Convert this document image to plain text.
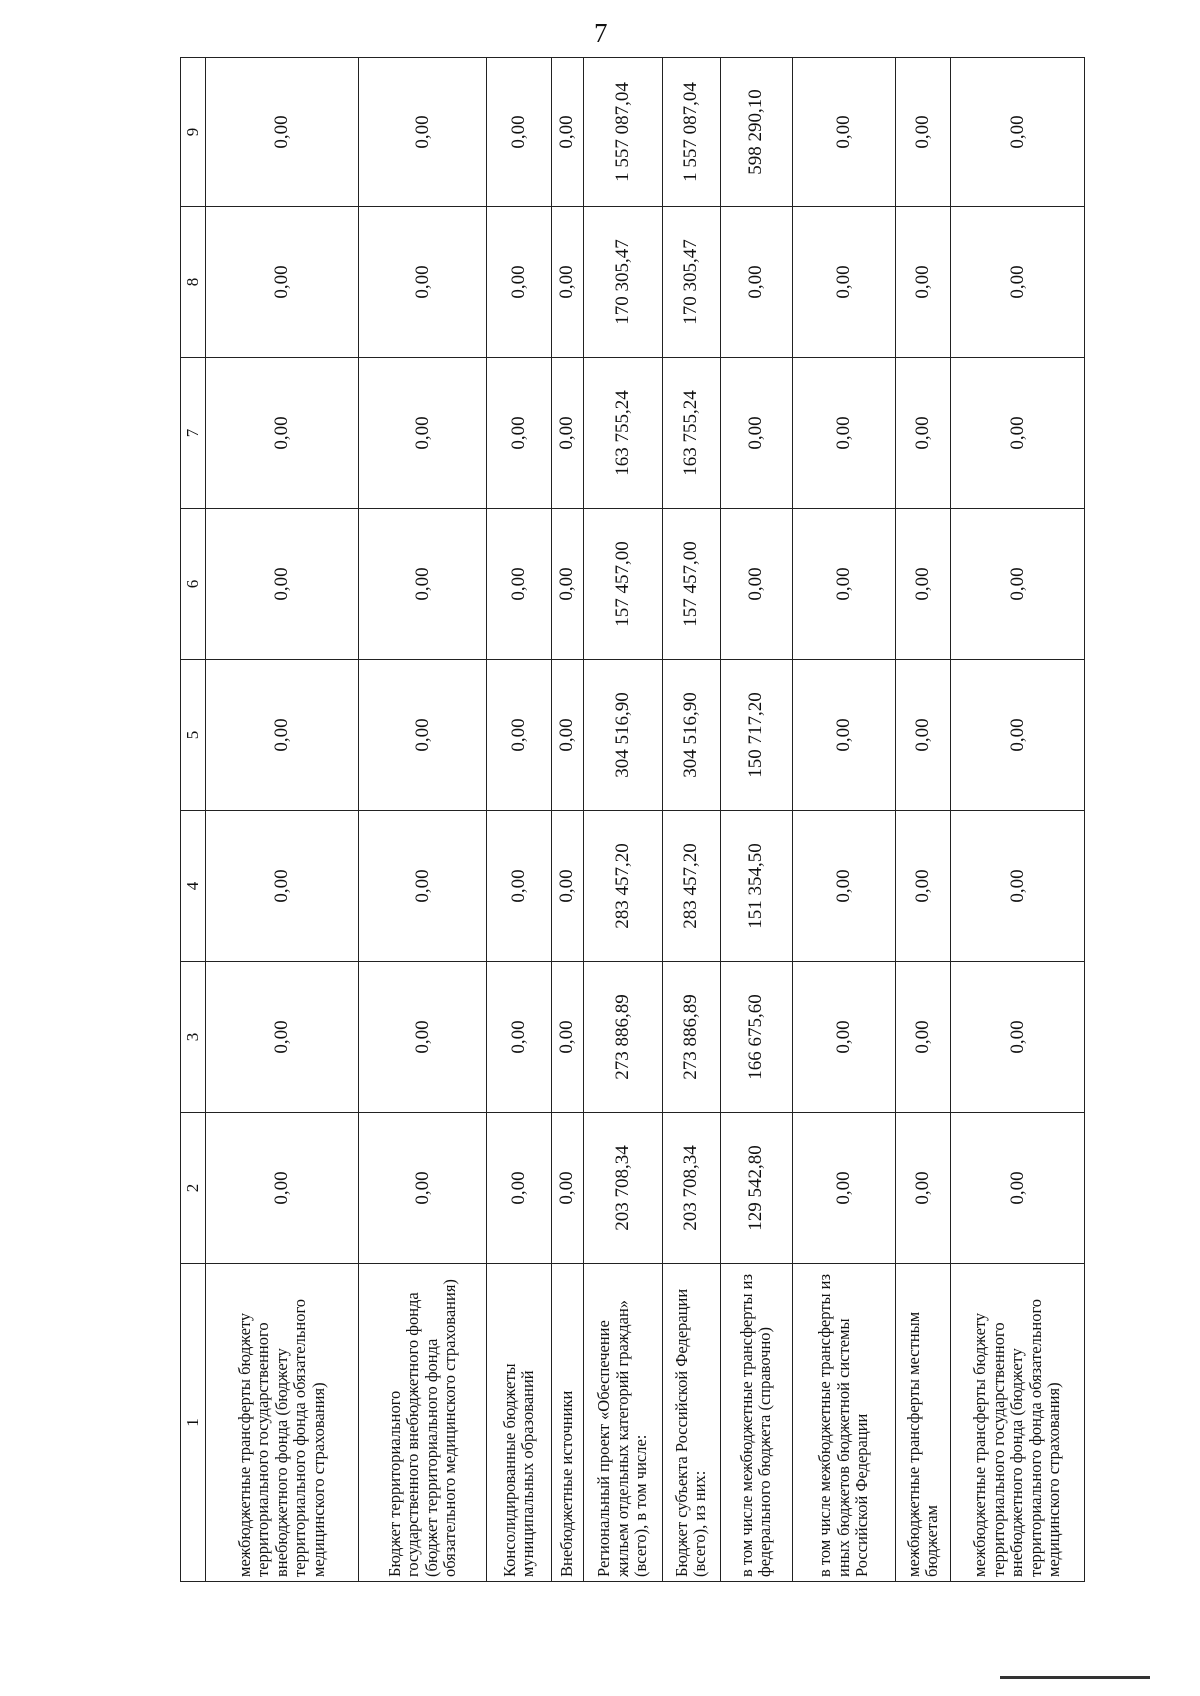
7
1	2	3	4	5	6	7	8	9
межбюджетные трансферты бюджету территориального государственного внебюджетного фонда (бюджету территориального фонда обязательного медицинского страхования)	0,00	0,00	0,00	0,00	0,00	0,00	0,00	0,00
Бюджет территориального государственного внебюджетного фонда (бюджет территориального фонда обязательного медицинского страхования)	0,00	0,00	0,00	0,00	0,00	0,00	0,00	0,00
Консолидированные бюджеты муниципальных образований	0,00	0,00	0,00	0,00	0,00	0,00	0,00	0,00
Внебюджетные источники	0,00	0,00	0,00	0,00	0,00	0,00	0,00	0,00
Региональный проект «Обеспечение жильем отдельных категорий граждан» (всего), в том числе:	203 708,34	273 886,89	283 457,20	304 516,90	157 457,00	163 755,24	170 305,47	1 557 087,04
Бюджет субъекта Российской Федерации (всего), из них:	203 708,34	273 886,89	283 457,20	304 516,90	157 457,00	163 755,24	170 305,47	1 557 087,04
в том числе межбюджетные трансферты из федерального бюджета (справочно)	129 542,80	166 675,60	151 354,50	150 717,20	0,00	0,00	0,00	598 290,10
в том числе межбюджетные трансферты из иных бюджетов бюджетной системы Российской Федерации	0,00	0,00	0,00	0,00	0,00	0,00	0,00	0,00
межбюджетные трансферты местным бюджетам	0,00	0,00	0,00	0,00	0,00	0,00	0,00	0,00
межбюджетные трансферты бюджету территориального государственного внебюджетного фонда (бюджету территориального фонда обязательного медицинского страхования)	0,00	0,00	0,00	0,00	0,00	0,00	0,00	0,00
